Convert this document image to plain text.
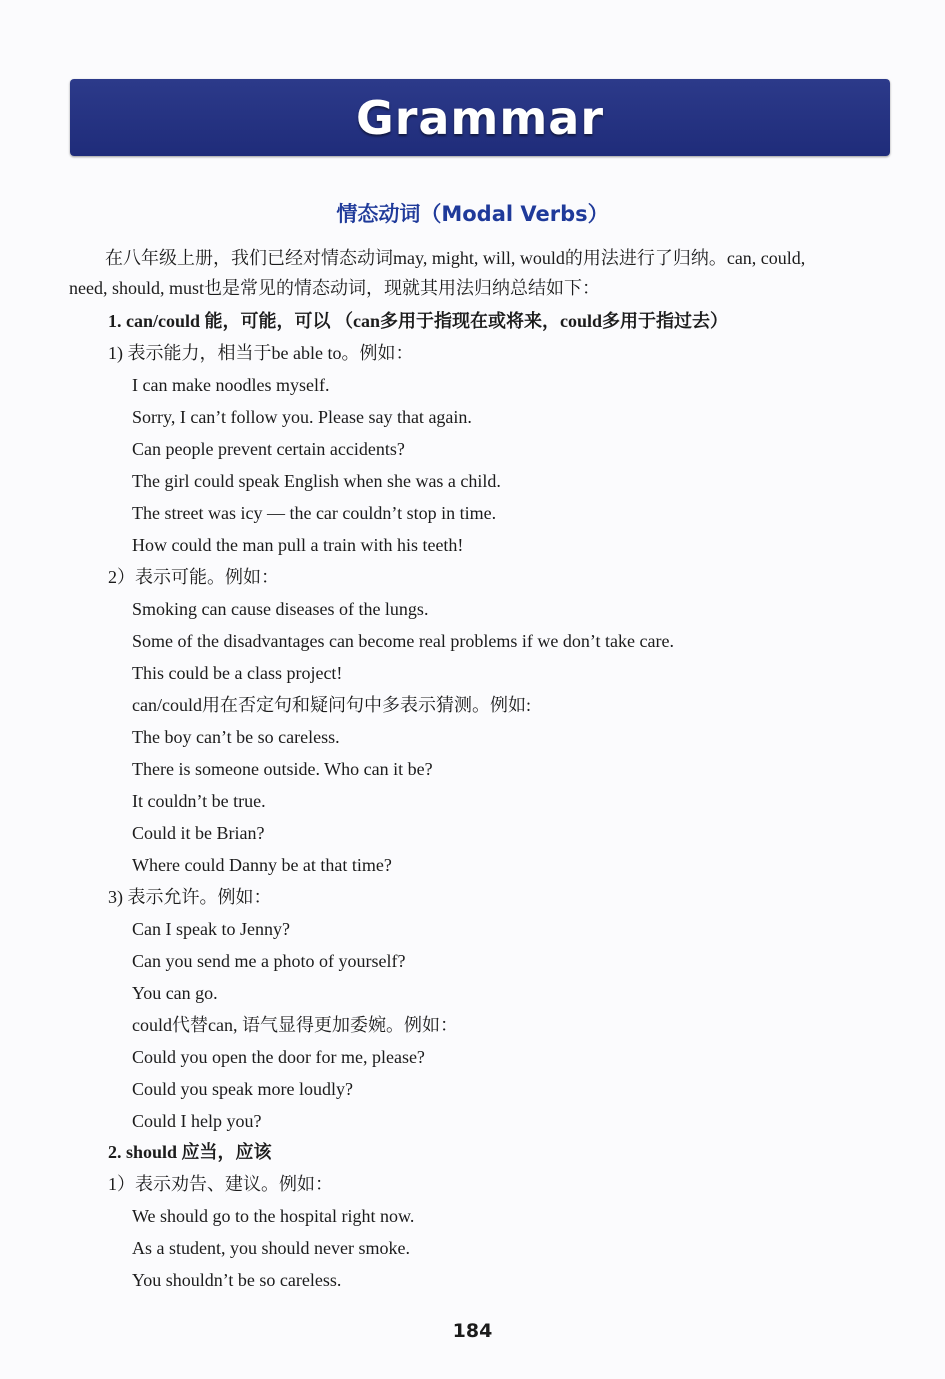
Grammar
情态动词（Modal Verbs）
　　在八年级上册，我们已经对情态动词may, might, will, would的用法进行了归纳。can, could,
need, should, must也是常见的情态动词，现就其用法归纳总结如下：
1. can/could 能，可能，可以 （can多用于指现在或将来，could多用于指过去）
1) 表示能力，相当于be able to。例如：
I can make noodles myself.
Sorry, I can’t follow you. Please say that again.
Can people prevent certain accidents?
The girl could speak English when she was a child.
The street was icy — the car couldn’t stop in time.
How could the man pull a train with his teeth!
2）表示可能。例如：
Smoking can cause diseases of the lungs.
Some of the disadvantages can become real problems if we don’t take care.
This could be a class project!
can/could用在否定句和疑问句中多表示猜测。例如:
The boy can’t be so careless.
There is someone outside. Who can it be?
It couldn’t be true.
Could it be Brian?
Where could Danny be at that time?
3) 表示允许。例如：
Can I speak to Jenny?
Can you send me a photo of yourself?
You can go.
could代替can, 语气显得更加委婉。例如：
Could you open the door for me, please?
Could you speak more loudly?
Could I help you?
2. should 应当，应该
1）表示劝告、建议。例如：
We should go to the hospital right now.
As a student, you should never smoke.
You shouldn’t be so careless.
184
